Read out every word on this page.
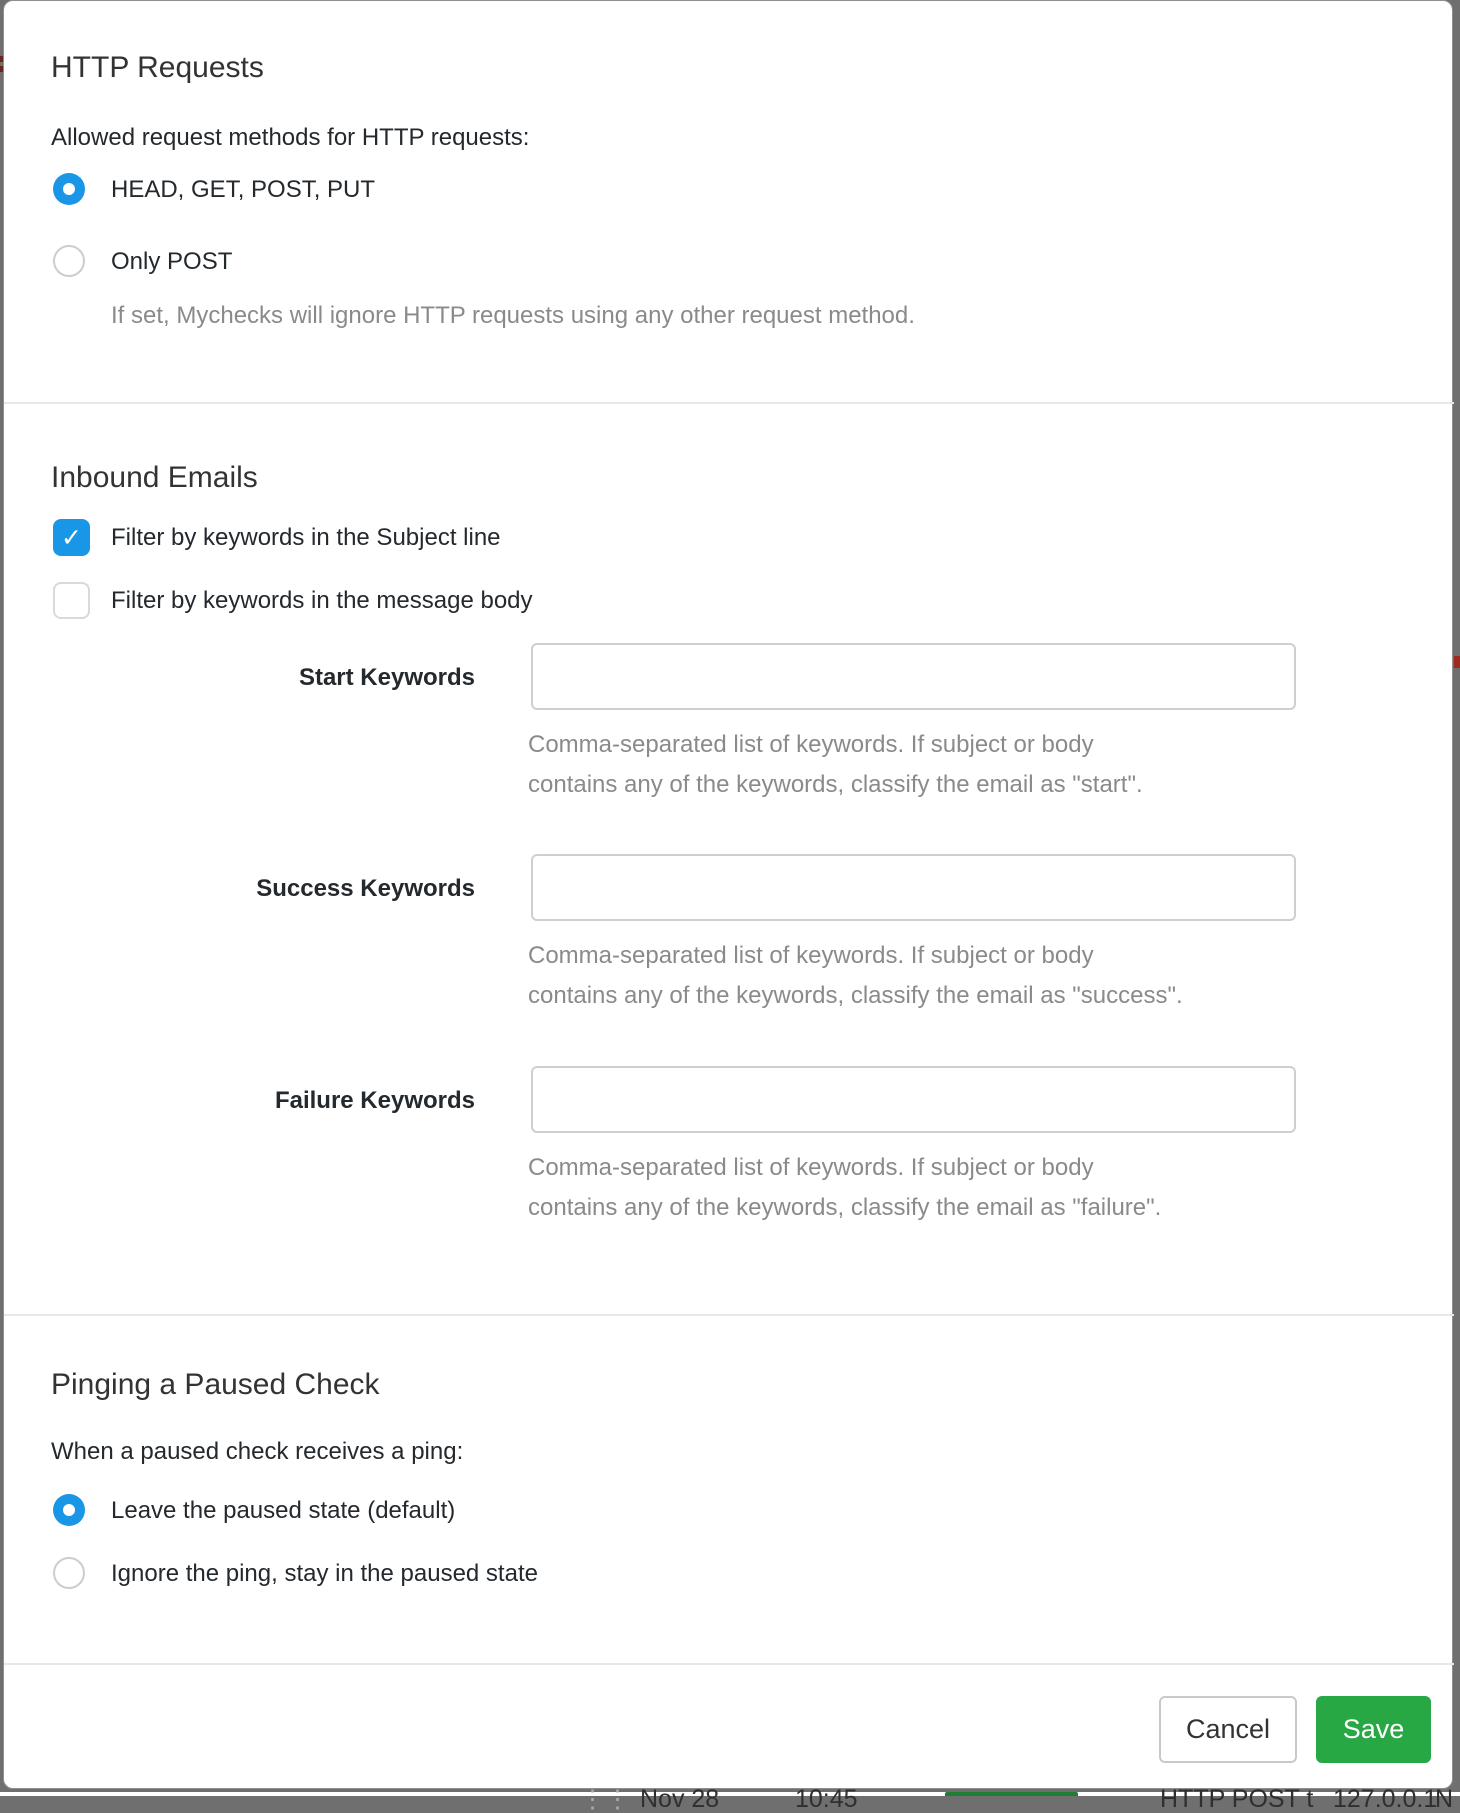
HTTP Requests
Allowed request methods for HTTP requests:
HEAD, GET, POST, PUT
Only POST
If set, Mychecks will ignore HTTP requests using any other request method.
Inbound Emails
✓	Filter by keywords in the Subject line
Filter by keywords in the message body
Start Keywords
Comma-separated list of keywords. If subject or body
contains any of the keywords, classify the email as "start".
Success Keywords
Comma-separated list of keywords. If subject or body
contains any of the keywords, classify the email as "success".
Failure Keywords
Comma-separated list of keywords. If subject or body
contains any of the keywords, classify the email as "failure".
Pinging a Paused Check
When a paused check receives a ping:
Leave the paused state (default)
Ignore the ping, stay in the paused state
Cancel	Save
⋮⋮ Nov 28	10:45	HTTP POST t 127.0.0.1
N
